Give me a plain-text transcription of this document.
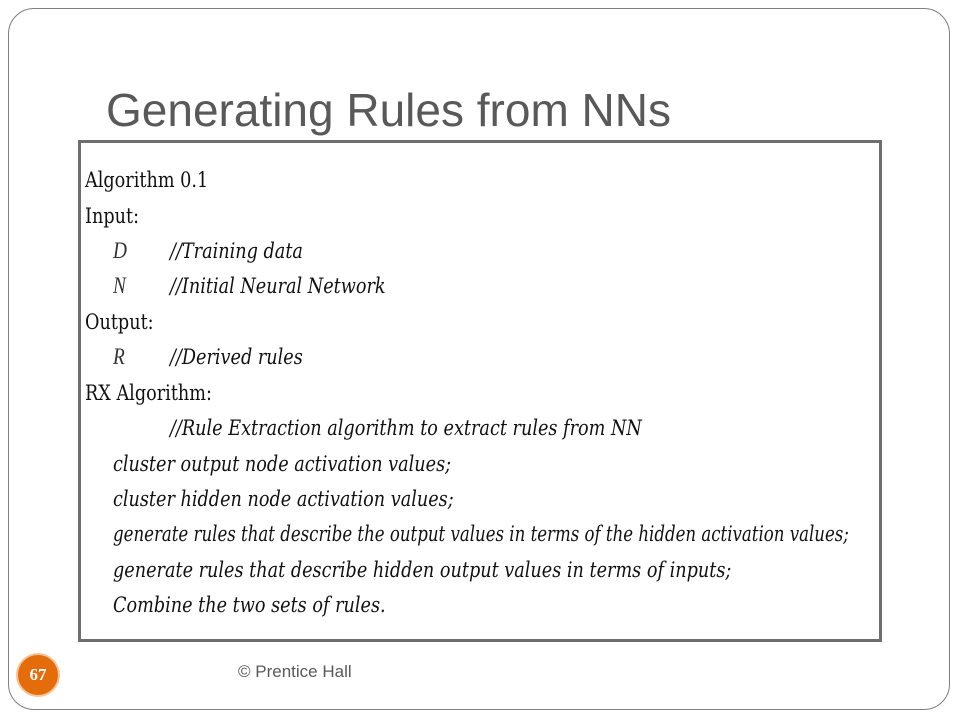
Generating Rules from NNs
Algorithm 0.1
Input:
D //Training data
N //Initial Neural Network
Output:
R //Derived rules
RX Algorithm:
//Rule Extraction algorithm to extract rules from NN
cluster output node activation values;
cluster hidden node activation values;
generate rules that describe the output values in terms of the hidden activation values;
generate rules that describe hidden output values in terms of inputs;
Combine the two sets of rules.
67	© Prentice Hall
